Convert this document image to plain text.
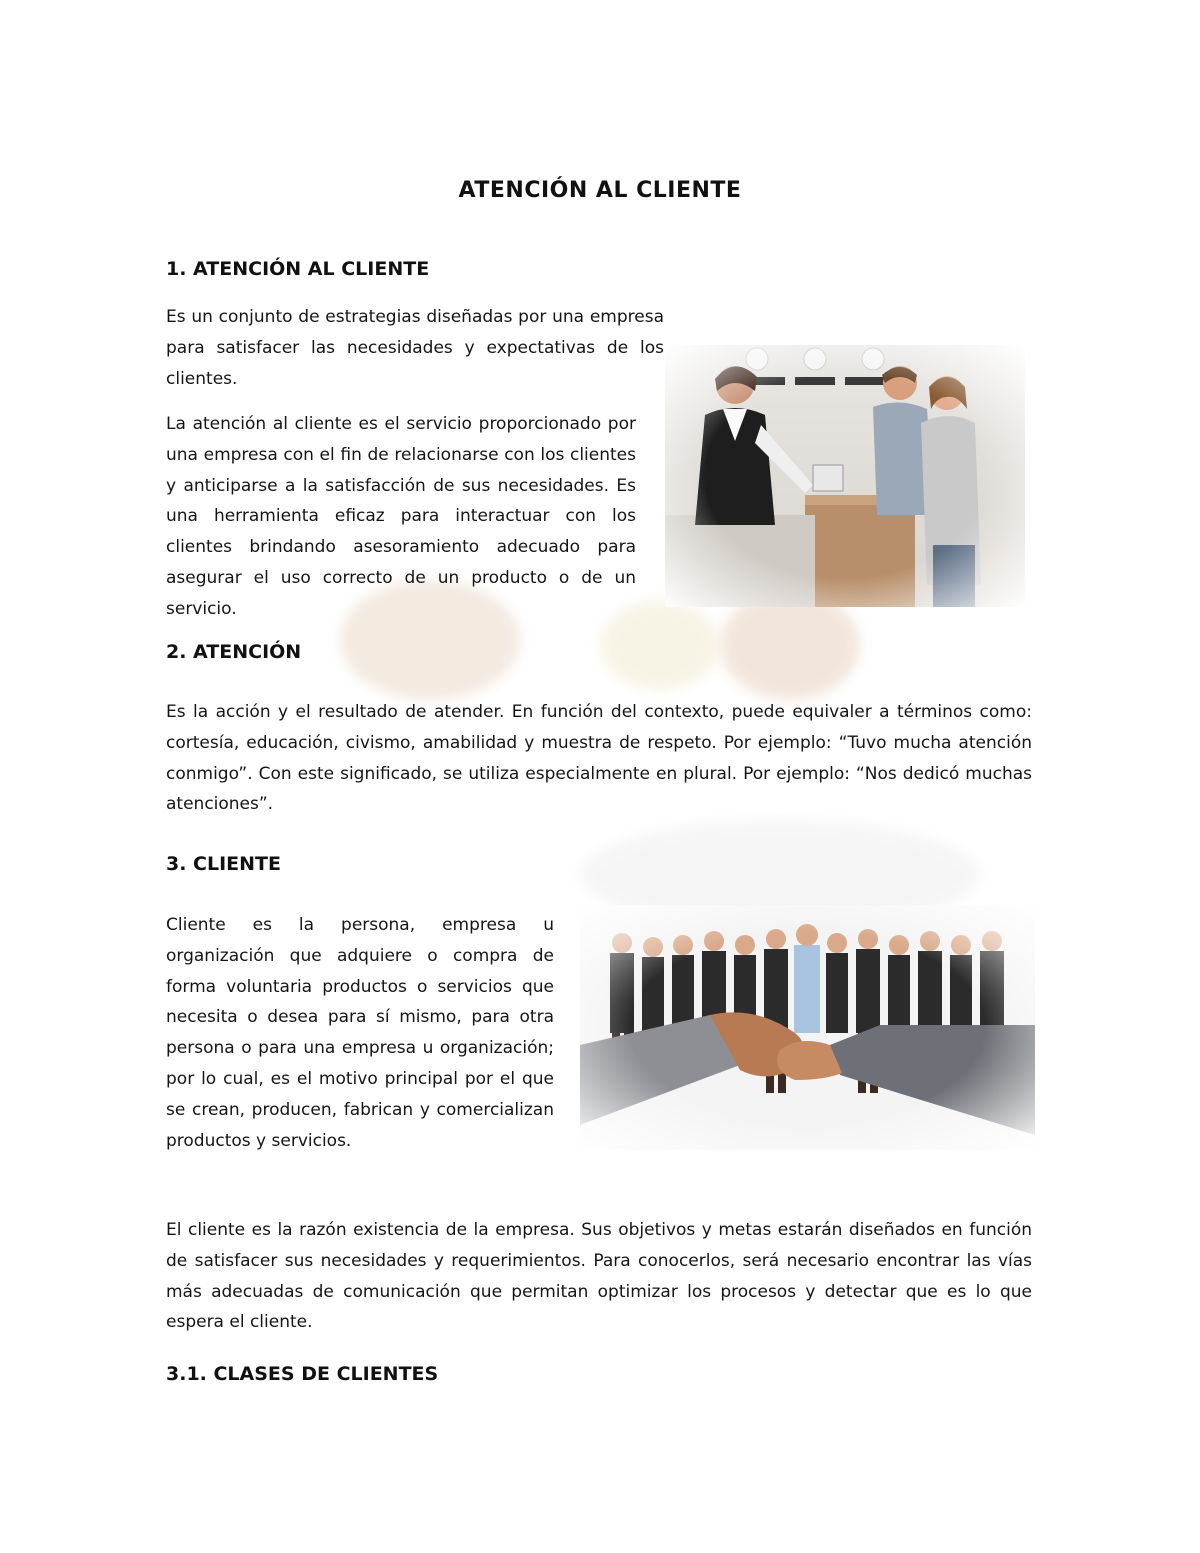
ATENCIÓN AL CLIENTE
1. ATENCIÓN AL CLIENTE

Es un conjunto de estrategias diseñadas por una empresa para satisfacer las necesidades y expectativas de los clientes.

La atención al cliente es el servicio proporcionado por una empresa con el fin de relacionarse con los clientes y anticiparse a la satisfacción de sus necesidades. Es una herramienta eficaz para interactuar con los clientes brindando asesoramiento adecuado para asegurar el uso correcto de un producto o de un servicio.

2. ATENCIÓN

Es la acción y el resultado de atender. En función del contexto, puede equivaler a términos como: cortesía, educación, civismo, amabilidad y muestra de respeto. Por ejemplo: “Tuvo mucha atención conmigo”. Con este significado, se utiliza especialmente en plural. Por ejemplo: “Nos dedicó muchas atenciones”.

3. CLIENTE

Cliente es la persona, empresa u organización que adquiere o compra de forma voluntaria productos o servicios que necesita o desea para sí mismo, para otra persona o para una empresa u organización; por lo cual, es el motivo principal por el que se crean, producen, fabrican y comercializan productos y servicios.

El cliente es la razón existencia de la empresa. Sus objetivos y metas estarán diseñados en función de satisfacer sus necesidades y requerimientos. Para conocerlos, será necesario encontrar las vías más adecuadas de comunicación que permitan optimizar los procesos y detectar que es lo que espera el cliente.

3.1. CLASES DE CLIENTES
